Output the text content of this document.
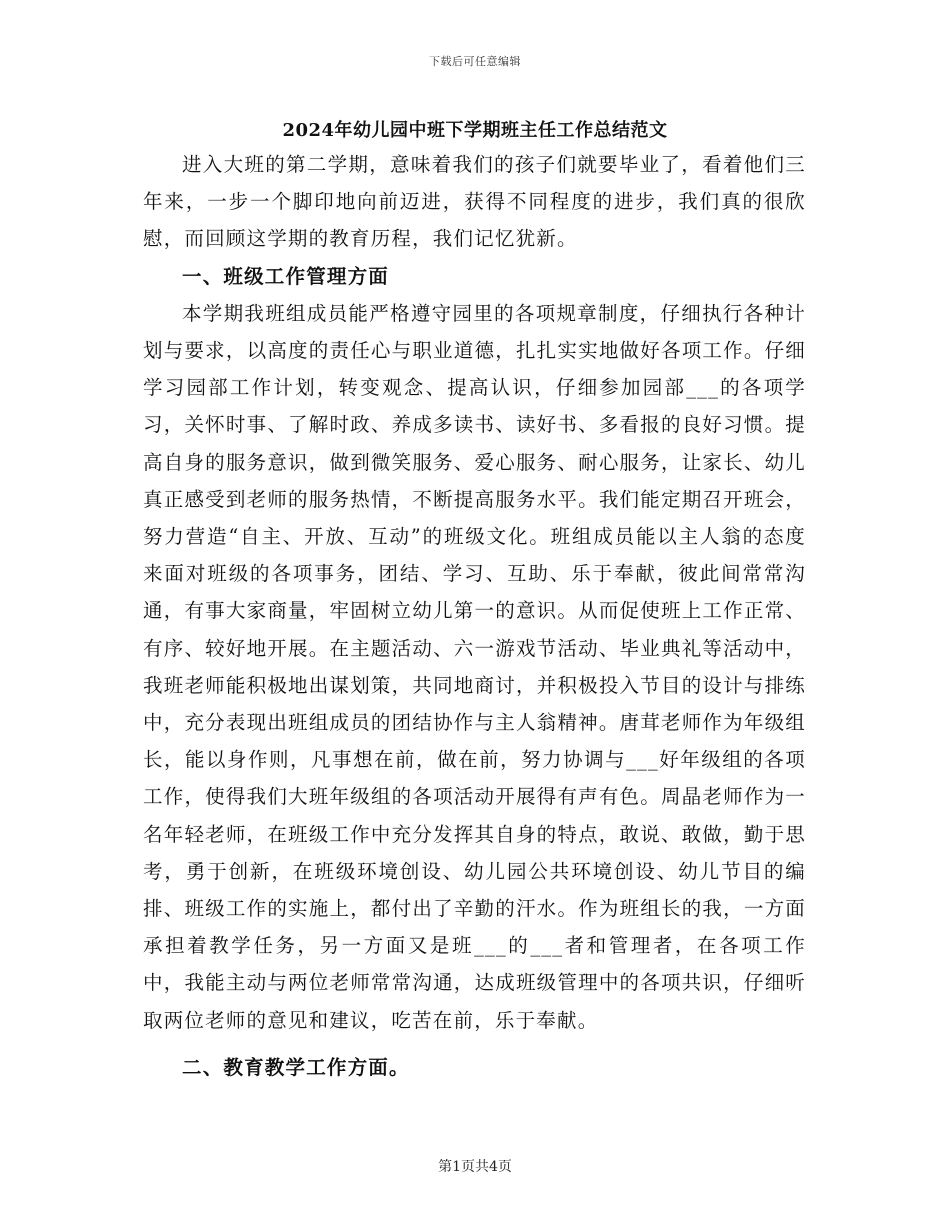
下载后可任意编辑
2024年幼儿园中班下学期班主任工作总结范文

进入大班的第二学期，意味着我们的孩子们就要毕业了，看着他们三年来，一步一个脚印地向前迈进，获得不同程度的进步，我们真的很欣慰，而回顾这学期的教育历程，我们记忆犹新。

一、班级工作管理方面

本学期我班组成员能严格遵守园里的各项规章制度，仔细执行各种计划与要求，以高度的责任心与职业道德，扎扎实实地做好各项工作。仔细学习园部工作计划，转变观念、提高认识，仔细参加园部___的各项学习，关怀时事、了解时政、养成多读书、读好书、多看报的良好习惯。提高自身的服务意识，做到微笑服务、爱心服务、耐心服务，让家长、幼儿真正感受到老师的服务热情，不断提高服务水平。我们能定期召开班会，努力营造“自主、开放、互动”的班级文化。班组成员能以主人翁的态度来面对班级的各项事务，团结、学习、互助、乐于奉献，彼此间常常沟通，有事大家商量，牢固树立幼儿第一的意识。从而促使班上工作正常、有序、较好地开展。在主题活动、六一游戏节活动、毕业典礼等活动中，我班老师能积极地出谋划策，共同地商讨，并积极投入节目的设计与排练中，充分表现出班组成员的团结协作与主人翁精神。唐茸老师作为年级组长，能以身作则，凡事想在前，做在前，努力协调与___好年级组的各项工作，使得我们大班年级组的各项活动开展得有声有色。周晶老师作为一名年轻老师，在班级工作中充分发挥其自身的特点，敢说、敢做，勤于思考，勇于创新，在班级环境创设、幼儿园公共环境创设、幼儿节目的编排、班级工作的实施上，都付出了辛勤的汗水。作为班组长的我，一方面承担着教学任务，另一方面又是班___的___者和管理者，在各项工作中，我能主动与两位老师常常沟通，达成班级管理中的各项共识，仔细听取两位老师的意见和建议，吃苦在前，乐于奉献。

二、教育教学工作方面。

第1页共4页
